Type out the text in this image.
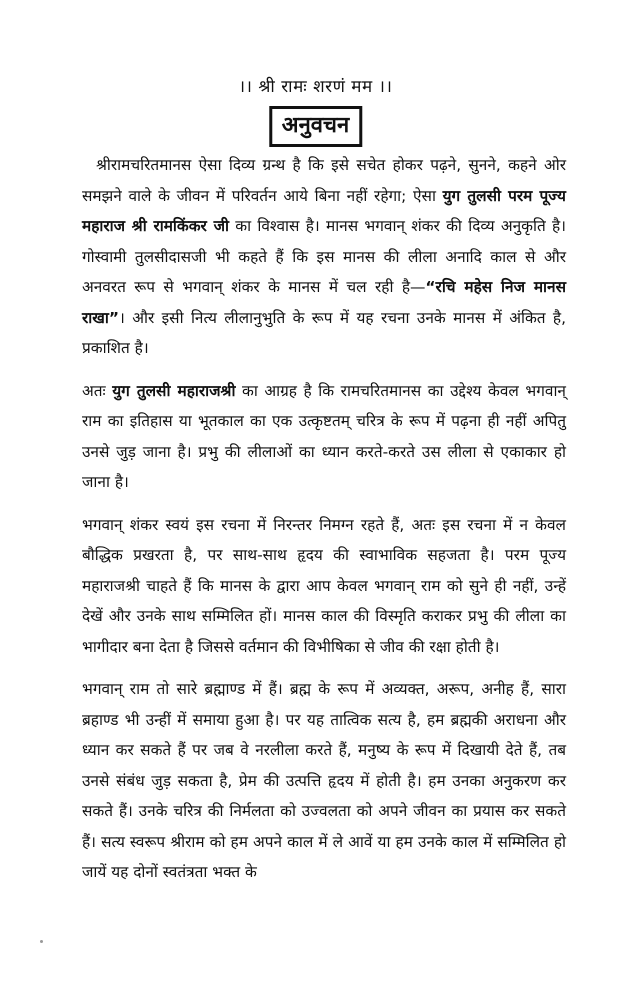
।। श्री रामः शरणं मम ।।
अनुवचन

श्रीरामचरितमानस ऐसा दिव्य ग्रन्थ है कि इसे सचेत होकर पढ़ने, सुनने, कहने ओर समझने वाले के जीवन में परिवर्तन आये बिना नहीं रहेगा; ऐसा युग तुलसी परम पूज्य महाराज श्री रामकिंकर जी का विश्वास है। मानस भगवान् शंकर की दिव्य अनुकृति है। गोस्वामी तुलसीदासजी भी कहते हैं कि इस मानस की लीला अनादि काल से और अनवरत रूप से भगवान् शंकर के मानस में चल रही है—“रचि महेस निज मानस राखा”। और इसी नित्य लीलानुभुति के रूप में यह रचना उनके मानस में अंकित है, प्रकाशित है।

अतः युग तुलसी महाराजश्री का आग्रह है कि रामचरितमानस का उद्देश्य केवल भगवान् राम का इतिहास या भूतकाल का एक उत्कृष्टतम् चरित्र के रूप में पढ़ना ही नहीं अपितु उनसे जुड़ जाना है। प्रभु की लीलाओं का ध्यान करते-करते उस लीला से एकाकार हो जाना है।

भगवान् शंकर स्वयं इस रचना में निरन्तर निमग्न रहते हैं, अतः इस रचना में न केवल बौद्धिक प्रखरता है, पर साथ-साथ हृदय की स्वाभाविक सहजता है। परम पूज्य महाराजश्री चाहते हैं कि मानस के द्वारा आप केवल भगवान् राम को सुने ही नहीं, उन्हें देखें और उनके साथ सम्मिलित हों। मानस काल की विस्मृति कराकर प्रभु की लीला का भागीदार बना देता है जिससे वर्तमान की विभीषिका से जीव की रक्षा होती है।

भगवान् राम तो सारे ब्रह्माण्ड में हैं। ब्रह्म के रूप में अव्यक्त, अरूप, अनीह हैं, सारा ब्रहाण्ड भी उन्हीं में समाया हुआ है। पर यह तात्विक सत्य है, हम ब्रह्मकी अराधना और ध्यान कर सकते हैं पर जब वे नरलीला करते हैं, मनुष्य के रूप में दिखायी देते हैं, तब उनसे संबंध जुड़ सकता है, प्रेम की उत्पत्ति हृदय में होती है। हम उनका अनुकरण कर सकते हैं। उनके चरित्र की निर्मलता को उज्वलता को अपने जीवन का प्रयास कर सकते हैं। सत्य स्वरूप श्रीराम को हम अपने काल में ले आवें या हम उनके काल में सम्मिलित हो जायें यह दोनों स्वतंत्रता भक्त के
